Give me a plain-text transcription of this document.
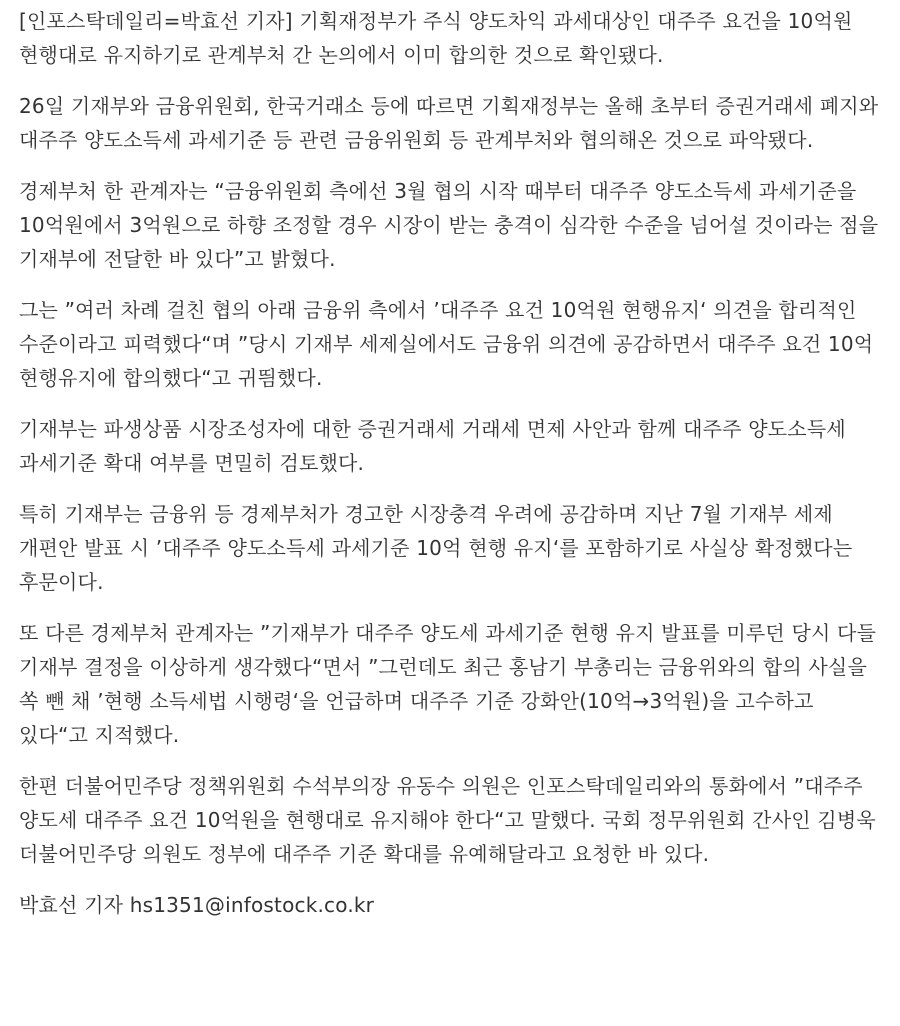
[인포스탁데일리=박효선 기자] 기획재정부가 주식 양도차익 과세대상인 대주주 요건을 10억원 현행대로 유지하기로 관계부처 간 논의에서 이미 합의한 것으로 확인됐다.

26일 기재부와 금융위원회, 한국거래소 등에 따르면 기획재정부는 올해 초부터 증권거래세 폐지와 대주주 양도소득세 과세기준 등 관련 금융위원회 등 관계부처와 협의해온 것으로 파악됐다.

경제부처 한 관계자는 “금융위원회 측에선 3월 협의 시작 때부터 대주주 양도소득세 과세기준을 10억원에서 3억원으로 하향 조정할 경우 시장이 받는 충격이 심각한 수준을 넘어설 것이라는 점을 기재부에 전달한 바 있다”고 밝혔다.

그는 ”여러 차례 걸친 협의 아래 금융위 측에서 ’대주주 요건 10억원 현행유지‘ 의견을 합리적인 수준이라고 피력했다“며 ”당시 기재부 세제실에서도 금융위 의견에 공감하면서 대주주 요건 10억 현행유지에 합의했다“고 귀띔했다.

기재부는 파생상품 시장조성자에 대한 증권거래세 거래세 면제 사안과 함께 대주주 양도소득세 과세기준 확대 여부를 면밀히 검토했다.

특히 기재부는 금융위 등 경제부처가 경고한 시장충격 우려에 공감하며 지난 7월 기재부 세제 개편안 발표 시 ’대주주 양도소득세 과세기준 10억 현행 유지‘를 포함하기로 사실상 확정했다는 후문이다.

또 다른 경제부처 관계자는 ”기재부가 대주주 양도세 과세기준 현행 유지 발표를 미루던 당시 다들 기재부 결정을 이상하게 생각했다“면서 ”그런데도 최근 홍남기 부총리는 금융위와의 합의 사실을 쏙 뺀 채 ’현행 소득세법 시행령‘을 언급하며 대주주 기준 강화안(10억→3억원)을 고수하고 있다“고 지적했다.

한편 더불어민주당 정책위원회 수석부의장 유동수 의원은 인포스탁데일리와의 통화에서 ”대주주 양도세 대주주 요건 10억원을 현행대로 유지해야 한다“고 말했다. 국회 정무위원회 간사인 김병욱 더불어민주당 의원도 정부에 대주주 기준 확대를 유예해달라고 요청한 바 있다.

박효선 기자 hs1351@infostock.co.kr
